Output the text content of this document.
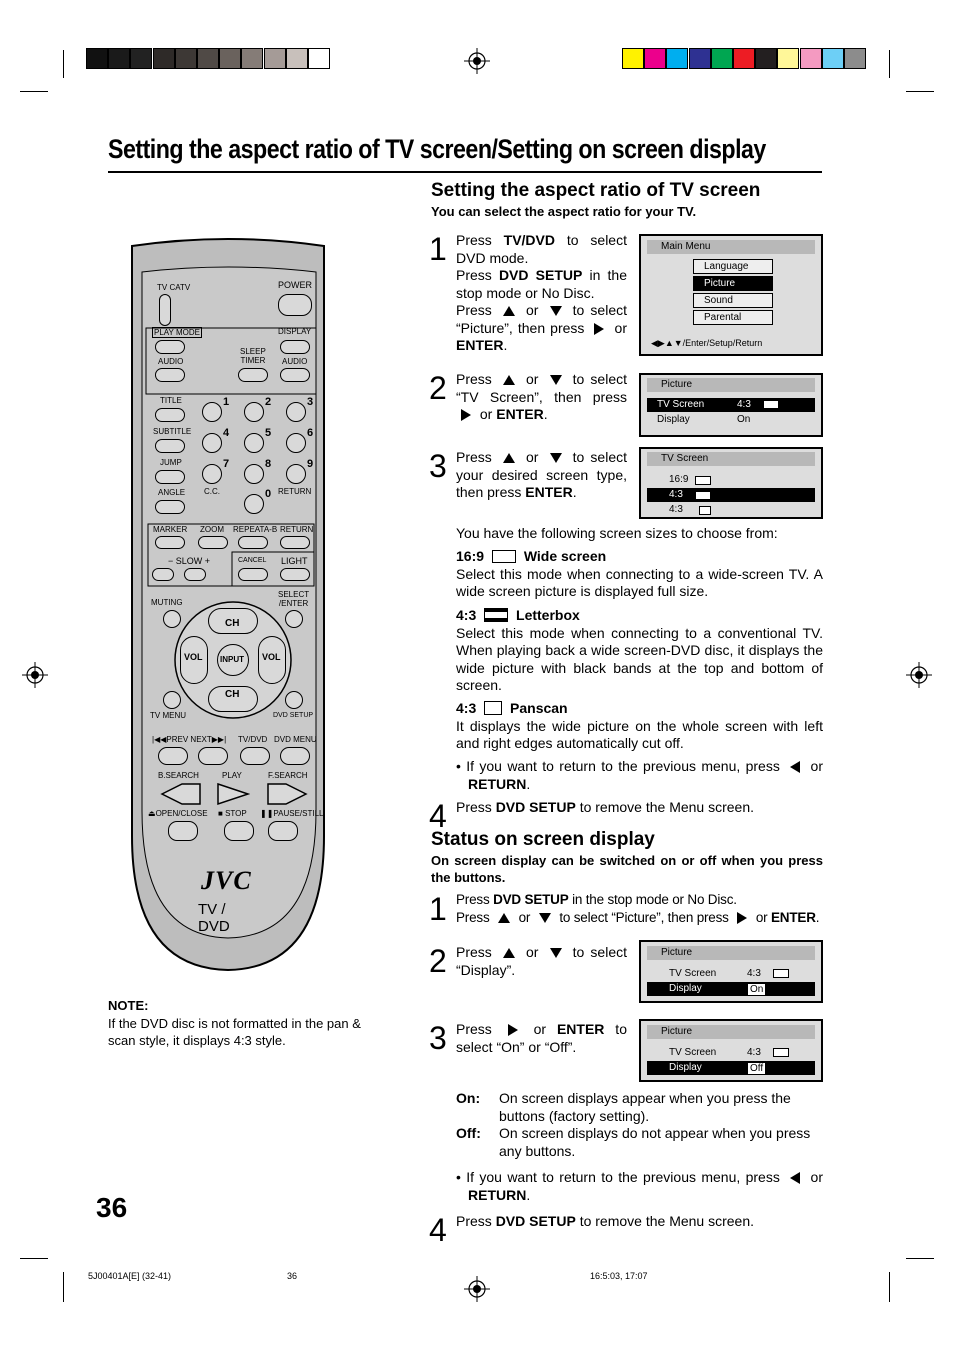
Setting the aspect ratio of TV screen/Setting on screen display
Setting the aspect ratio of TV screen
You can select the aspect ratio for your TV.
1 Press TV/DVD to select DVD mode.
Press DVD SETUP in the stop mode or No Disc.
Press  or  to select “Picture”, then press  or ENTER.
Main Menu
Language
Picture
Sound
Parental
◀▶▲▼/Enter/Setup/Return
2 Press  or  to select “TV Screen”, then press  or ENTER.
Picture
TV Screen	4:3
Display	On
3 Press  or  to select your desired screen type, then press ENTER.
TV Screen
16:9
4:3
4:3
You have the following screen sizes to choose from:
16:9	Wide screen
Select this mode when connecting to a wide-screen TV. A wide screen picture is displayed full size.
4:3	Letterbox
Select this mode when connecting to a conventional TV. When playing back a wide screen-DVD disc, it displays the wide picture with black bands at the top and bottom of screen.
4:3 Panscan
It displays the wide picture on the whole screen with left and right edges automatically cut off.
• If you want to return to the previous menu, press  or RETURN.
4 Press DVD SETUP to remove the Menu screen.
Status on screen display
On screen display can be switched on or off when you press the buttons.
1 Press DVD SETUP in the stop mode or No Disc.
Press  or  to select “Picture”, then press  or ENTER.
2 Press  or  to select “Display”.
Picture
TV Screen	4:3
Display	On
3 Press  or ENTER to select “On” or “Off”.
Picture
TV Screen	4:3
Display	Off
On: On screen displays appear when you press the buttons (factory setting).
Off: On screen displays do not appear when you press any buttons.
• If you want to return to the previous menu, press  or RETURN.
4 Press DVD SETUP to remove the Menu screen.
TV CATV	POWER
PLAY MODE	DISPLAY
AUDIO
SLEEP
TIMER AUDIO
TITLE
SUBTITLE
JUMP
ANGLE
1	2	3
4	5	6
7	8	9
0
C.C.	RETURN
MARKER ZOOM REPEATA-B RETURN
− SLOW +	CANCEL LIGHT
MUTING
SELECT
/ENTER
CH
CH
VOL	VOL
INPUT
TV MENU	DVD SETUP
|◀◀PREV NEXT▶▶| TV/DVD DVD MENU
B.SEARCH	PLAY	F.SEARCH
⏏OPEN/CLOSE ■ STOP ❚❚PAUSE/STILL
JVC
TV / DVD
NOTE:
If the DVD disc is not formatted in the pan & scan style, it displays 4:3 style.
36
5J00401A[E] (32-41)	36	16:5:03, 17:07
